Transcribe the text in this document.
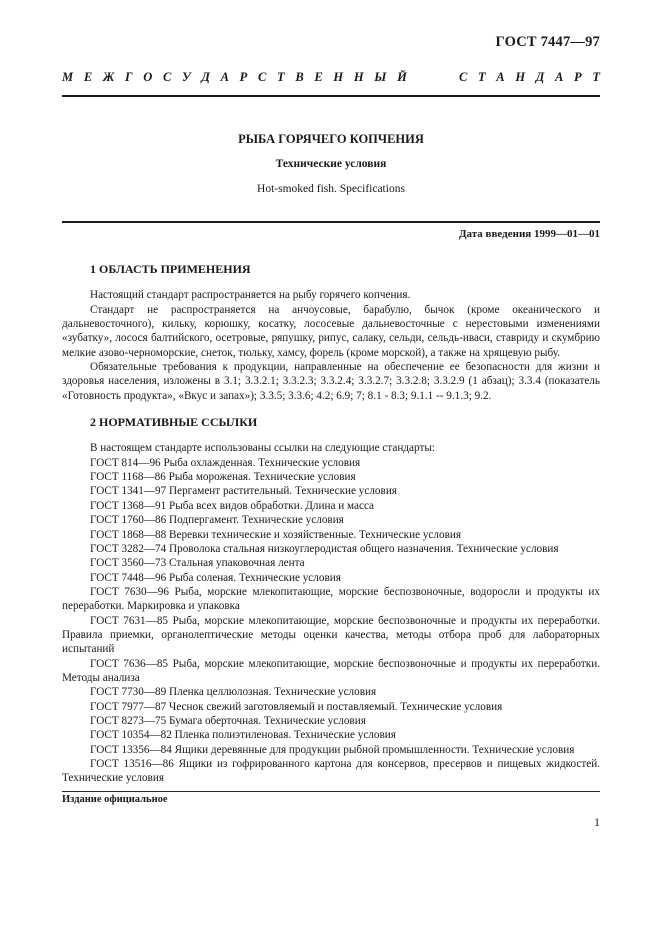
ГОСТ 7447—97
М Е Ж Г О С У Д А Р С Т В Е Н Н Ы Й

	С Т А Н Д А Р Т
РЫБА ГОРЯЧЕГО КОПЧЕНИЯ
Технические условия
Hot-smoked fish. Specifications
Дата введения 1999—01—01
1 ОБЛАСТЬ ПРИМЕНЕНИЯ

Настоящий стандарт распространяется на рыбу горячего копчения.

Стандарт не распространяется на анчоусовые, барабулю, бычок (кроме океанического и дальневосточного), кильку, корюшку, косатку, лососевые дальневосточные с нерестовыми изменениями «зубатку», лосося балтийского, осетровые, ряпушку, рипус, салаку, сельди, сельдь-иваси, ставриду и скумбрию мелкие азово-черноморские, снеток, тюльку, хамсу, форель (кроме морской), а также на хрящевую рыбу.

Обязательные требования к продукции, направленные на обеспечение ее безопасности для жизни и здоровья населения, изложены в 3.1; 3.3.2.1; 3.3.2.3; 3.3.2.4; 3.3.2.7; 3.3.2.8; 3.3.2.9 (1 абзац); 3.3.4 (показатель «Готовность продукта», «Вкус и запах»); 3.3.5; 3.3.6; 4.2; 6.9; 7; 8.1 - 8.3; 9.1.1 -- 9.1.3; 9.2.

2 НОРМАТИВНЫЕ ССЫЛКИ

В настоящем стандарте использованы ссылки на следующие стандарты:

ГОСТ 814—96 Рыба охлажденная. Технические условия

ГОСТ 1168—86 Рыба мороженая. Технические условия

ГОСТ 1341—97 Пергамент растительный. Технические условия

ГОСТ 1368—91 Рыба всех видов обработки. Длина и масса

ГОСТ 1760—86 Подпергамент. Технические условия

ГОСТ 1868—88 Веревки технические и хозяйственные. Технические условия

ГОСТ 3282—74 Проволока стальная низкоуглеродистая общего назначения. Технические условия

ГОСТ 3560—73 Стальная упаковочная лента

ГОСТ 7448—96 Рыба соленая. Технические условия

ГОСТ 7630—96 Рыба, морские млекопитающие, морские беспозвоночные, водоросли и продукты их переработки. Маркировка и упаковка

ГОСТ 7631—85 Рыба, морские млекопитающие, морские беспозвоночные и продукты их переработки. Правила приемки, органолептические методы оценки качества, методы отбора проб для лабораторных испытаний

ГОСТ 7636—85 Рыба, морские млекопитающие, морские беспозвоночные и продукты их переработки. Методы анализа

ГОСТ 7730—89 Пленка целлюлозная. Технические условия

ГОСТ 7977—87 Чеснок свежий заготовляемый и поставляемый. Технические условия

ГОСТ 8273—75 Бумага оберточная. Технические условия

ГОСТ 10354—82 Пленка полиэтиленовая. Технические условия

ГОСТ 13356—84 Ящики деревянные для продукции рыбной промышленности. Технические условия

ГОСТ 13516—86 Ящики из гофрированного картона для консервов, пресервов и пищевых жидкостей. Технические условия

Издание официальное
1
